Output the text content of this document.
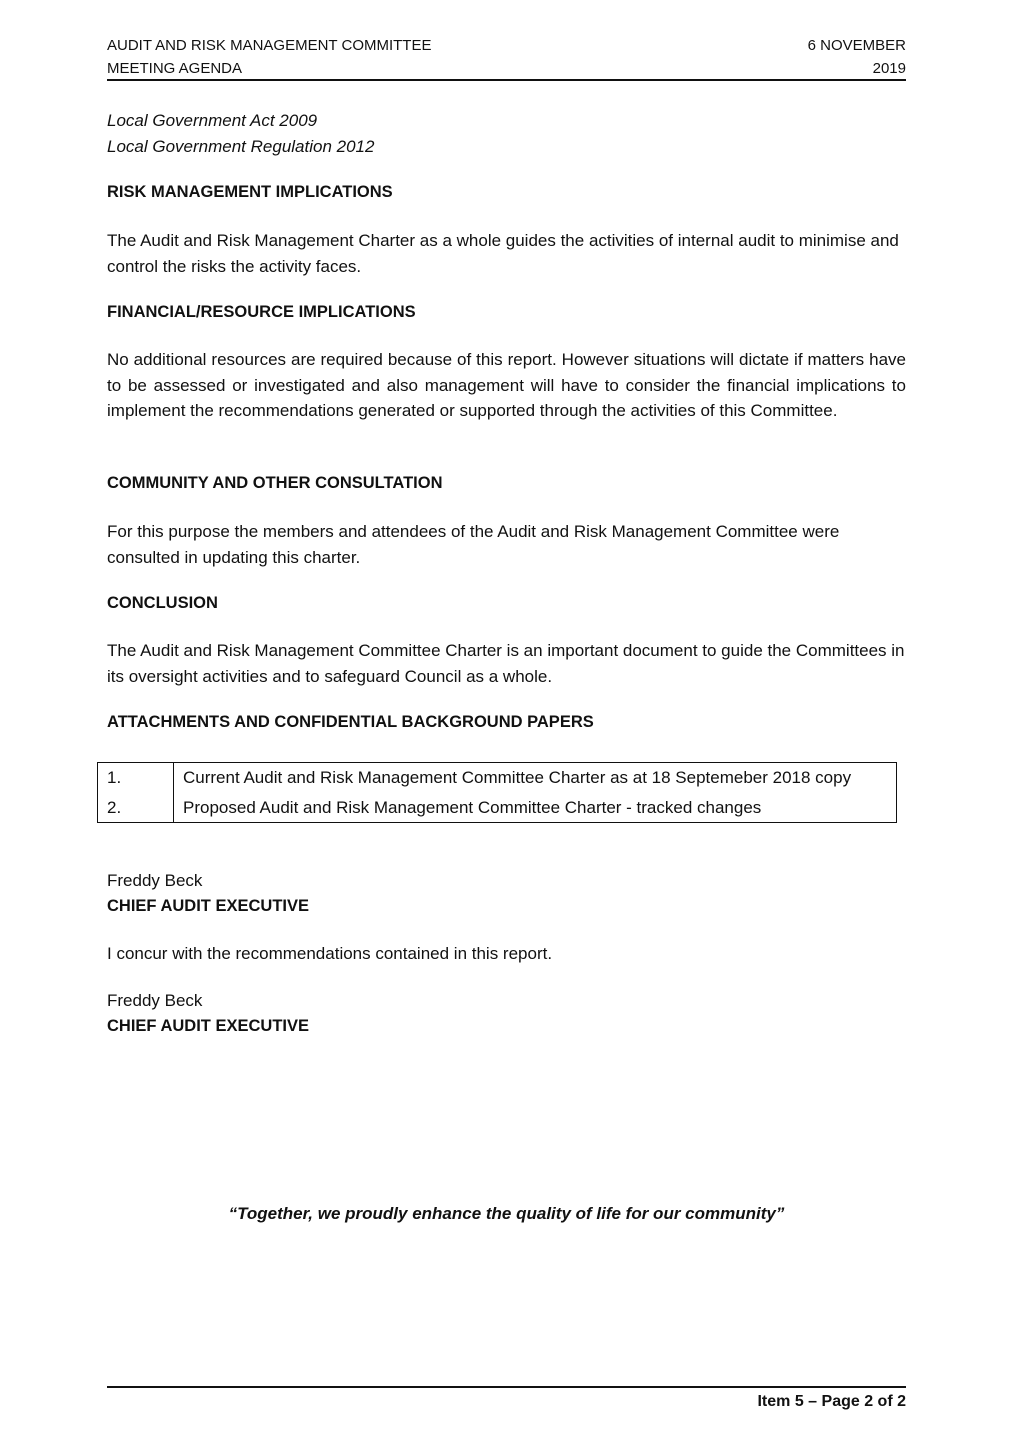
AUDIT AND RISK MANAGEMENT COMMITTEE
MEETING AGENDA
6 NOVEMBER
2019
Local Government Act 2009
Local Government Regulation 2012
RISK MANAGEMENT IMPLICATIONS
The Audit and Risk Management Charter as a whole guides the activities of internal audit to minimise and control the risks the activity faces.
FINANCIAL/RESOURCE IMPLICATIONS
No additional resources are required because of this report. However situations will dictate if matters have to be assessed or investigated and also management will have to consider the financial implications to implement the recommendations generated or supported through the activities of this Committee.
COMMUNITY AND OTHER CONSULTATION
For this purpose the members and attendees of the Audit and Risk Management Committee were consulted in updating this charter.
CONCLUSION
The Audit and Risk Management Committee Charter is an important document to guide the Committees in its oversight activities and to safeguard Council as a whole.
ATTACHMENTS AND CONFIDENTIAL BACKGROUND PAPERS
1.	Current Audit and Risk Management Committee Charter as at 18 Septemeber 2018 copy
2.	Proposed Audit and Risk Management Committee Charter - tracked changes
Freddy Beck
CHIEF AUDIT EXECUTIVE
I concur with the recommendations contained in this report.
Freddy Beck
CHIEF AUDIT EXECUTIVE
“Together, we proudly enhance the quality of life for our community”
Item 5 – Page 2 of 2
